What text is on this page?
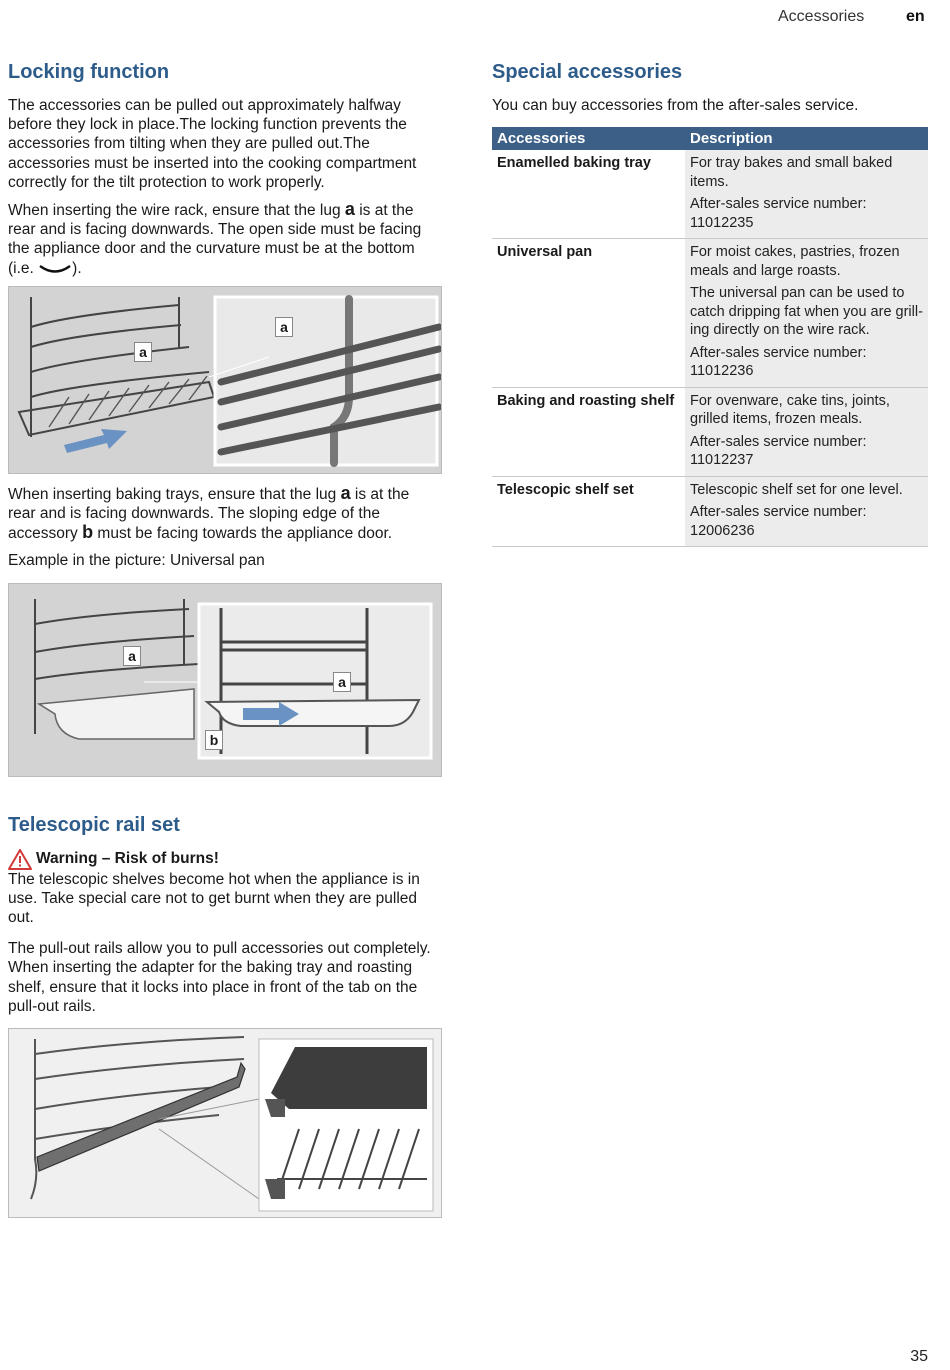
Accessories	en
Locking function

The accessories can be pulled out approximately halfway before they lock in place.The locking function prevents the accessories from tilting when they are pulled out.The accessories must be inserted into the cooking compartment correctly for the tilt protection to work properly.

When inserting the wire rack, ensure that the lug a is at the rear and is facing downwards. The open side must be facing the appliance door and the curvature must be at the bottom (i.e. ).

a
a

When inserting baking trays, ensure that the lug a is at the rear and is facing downwards. The sloping edge of the accessory b must be facing towards the appliance door.

Example in the picture: Universal pan

a
a
b
Telescopic rail set
Warning – Risk of burns!

The telescopic shelves become hot when the appliance is in use. Take special care not to get burnt when they are pulled out.

The pull-out rails allow you to pull accessories out completely. When inserting the adapter for the baking tray and roasting shelf, ensure that it locks into place in front of the tab on the pull-out rails.

Special accessories

You can buy accessories from the after-sales service.

Accessories	Description
Enamelled baking tray	For tray bakes and small baked items.
After-sales service number: 11012235

Universal pan	For moist cakes, pastries, frozen meals and large roasts.
The universal pan can be used to catch dripping fat when you are grill-ing directly on the wire rack.
After-sales service number: 11012236

Baking and roasting shelf	For ovenware, cake tins, joints, grilled items, frozen meals.
After-sales service number: 11012237

Telescopic shelf set	Telescopic shelf set for one level.
After-sales service number: 12006236
35
